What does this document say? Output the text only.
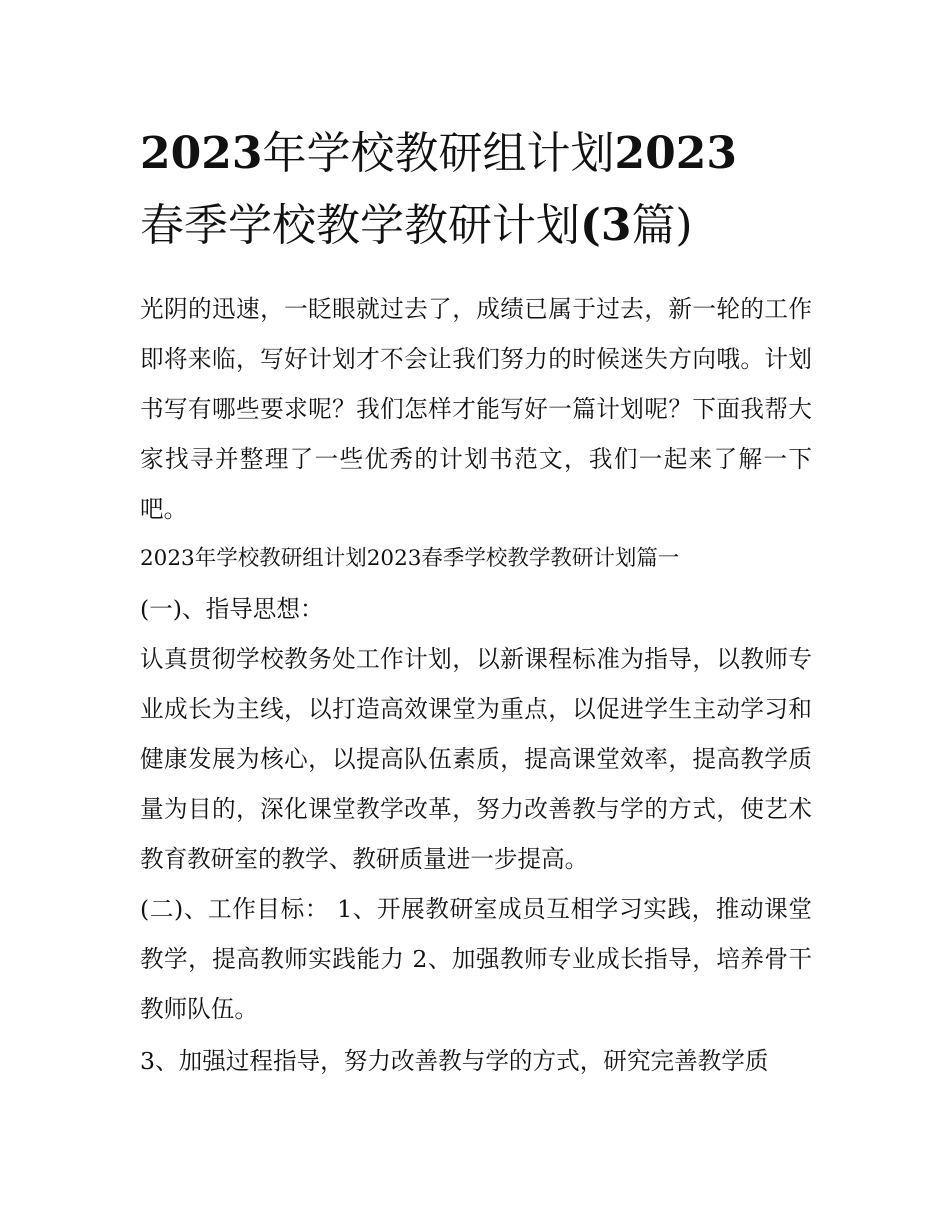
2023年学校教研组计划2023
春季学校教学教研计划(3篇)

光阴的迅速，一眨眼就过去了，成绩已属于过去，新一轮的工作即将来临，写好计划才不会让我们努力的时候迷失方向哦。计划书写有哪些要求呢？我们怎样才能写好一篇计划呢？下面我帮大家找寻并整理了一些优秀的计划书范文，我们一起来了解一下吧。

2023年学校教研组计划2023春季学校教学教研计划篇一

(一)、指导思想：

认真贯彻学校教务处工作计划，以新课程标准为指导，以教师专业成长为主线，以打造高效课堂为重点，以促进学生主动学习和健康发展为核心，以提高队伍素质，提高课堂效率，提高教学质量为目的，深化课堂教学改革，努力改善教与学的方式，使艺术教育教研室的教学、教研质量进一步提高。

(二)、工作目标： 1、开展教研室成员互相学习实践，推动课堂教学，提高教师实践能力 2、加强教师专业成长指导，培养骨干教师队伍。

3、加强过程指导，努力改善教与学的方式，研究完善教学质
